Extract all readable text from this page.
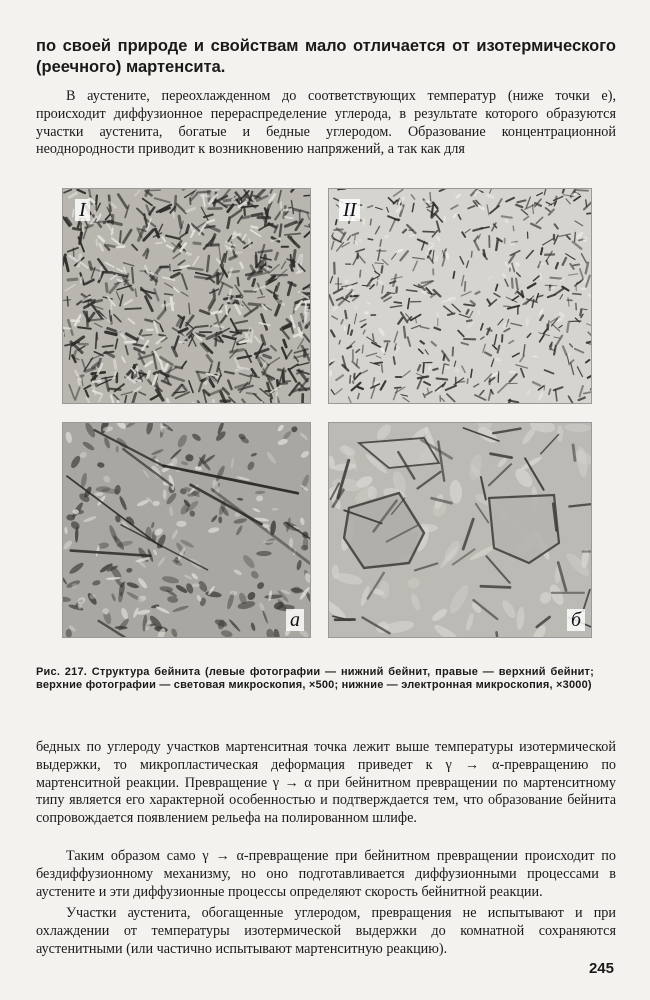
по своей природе и свойствам мало отличается от изотермического (реечного) мартенсита.

В аустените, переохлажденном до соответствующих температур (ниже точки e), происходит диффузионное перераспределение углерода, в результате которого образуются участки аустенита, богатые и бедные углеродом. Образование концентрационной неоднородности приводит к возникновению напряжений, а так как для

I	II
а	б

Рис. 217. Структура бейнита (левые фотографии — нижний бейнит, правые — верхний бейнит; верхние фотографии — световая микроскопия, ×500; нижние — электронная микроскопия, ×3000)

бедных по углероду участков мартенситная точка лежит выше температуры изотермической выдержки, то микропластическая деформация приведет к γ → α-превращению по мартенситной реакции. Превращение γ → α при бейнитном превращении по мартенситному типу является его характерной особенностью и подтверждается тем, что образование бейнита сопровождается появлением рельефа на полированном шлифе.

Таким образом само γ → α-превращение при бейнитном превращении происходит по бездиффузионному механизму, но оно подготавливается диффузионными процессами в аустените и эти диффузионные процессы определяют скорость бейнитной реакции.

Участки аустенита, обогащенные углеродом, превращения не испытывают и при охлаждении от температуры изотермической выдержки до комнатной сохраняются аустенитными (или частично испытывают мартенситную реакцию).

245
